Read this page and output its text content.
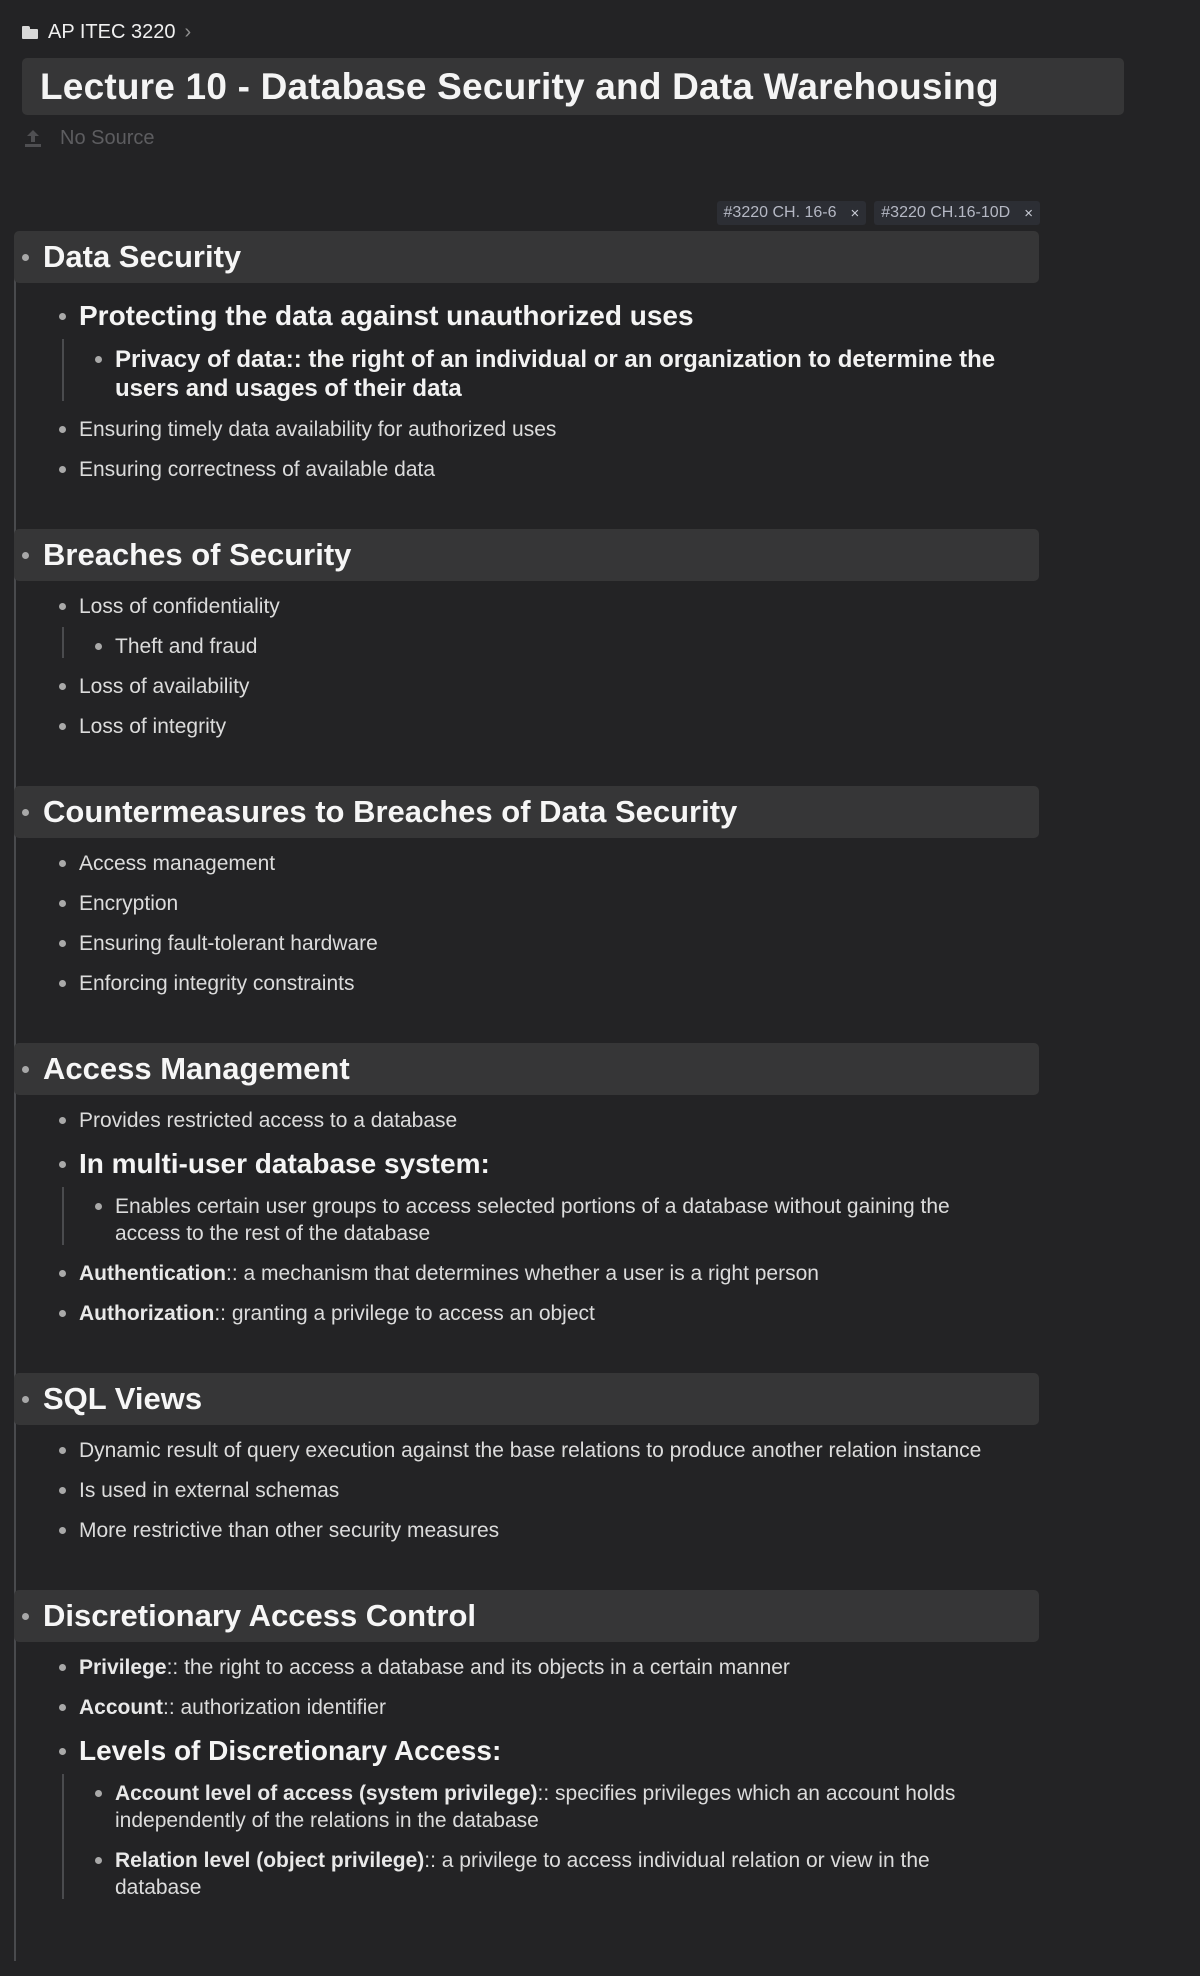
AP ITEC 3220 ›
Lecture 10 - Database Security and Data Warehousing
No Source
#3220 CH. 16-6 × #3220 CH.16-10D ×
Data Security
Protecting the data against unauthorized uses
Privacy of data:: the right of an individual or an organization to determine the users and usages of their data
Ensuring timely data availability for authorized uses
Ensuring correctness of available data
Breaches of Security
Loss of confidentiality
Theft and fraud
Loss of availability
Loss of integrity
Countermeasures to Breaches of Data Security
Access management
Encryption
Ensuring fault-tolerant hardware
Enforcing integrity constraints
Access Management
Provides restricted access to a database
In multi-user database system:
Enables certain user groups to access selected portions of a database without gaining the access to the rest of the database
Authentication:: a mechanism that determines whether a user is a right person
Authorization:: granting a privilege to access an object
SQL Views
Dynamic result of query execution against the base relations to produce another relation instance
Is used in external schemas
More restrictive than other security measures
Discretionary Access Control
Privilege:: the right to access a database and its objects in a certain manner
Account:: authorization identifier
Levels of Discretionary Access:
Account level of access (system privilege):: specifies privileges which an account holds independently of the relations in the database
Relation level (object privilege):: a privilege to access individual relation or view in the database
